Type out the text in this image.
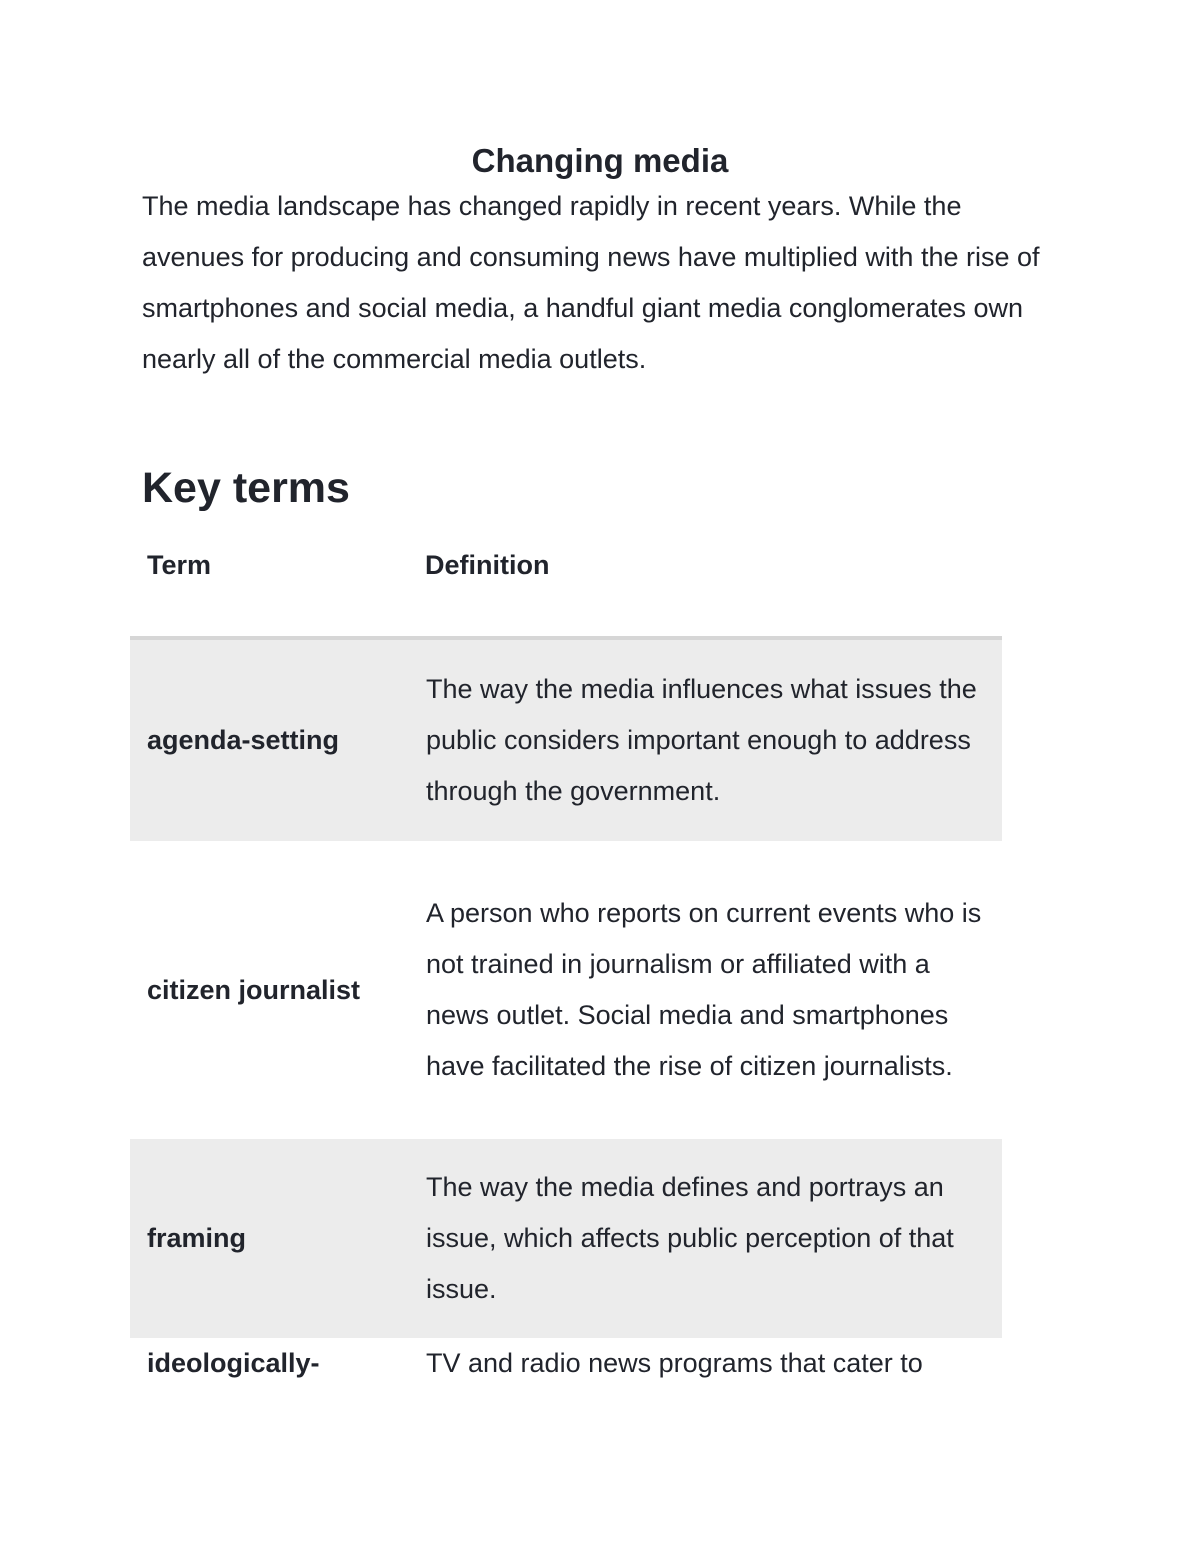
Changing media

The media landscape has changed rapidly in recent years. While the avenues for producing and consuming news have multiplied with the rise of smartphones and social media, a handful giant media conglomerates own nearly all of the commercial media outlets.

Key terms
Term	Definition
agenda-setting	The way the media influences what issues the public considers important enough to address through the government.
citizen journalist	A person who reports on current events who is not trained in journalism or affiliated with a news outlet. Social media and smartphones have facilitated the rise of citizen journalists.
framing	The way the media defines and portrays an issue, which affects public perception of that issue.
ideologically-	TV and radio news programs that cater to
